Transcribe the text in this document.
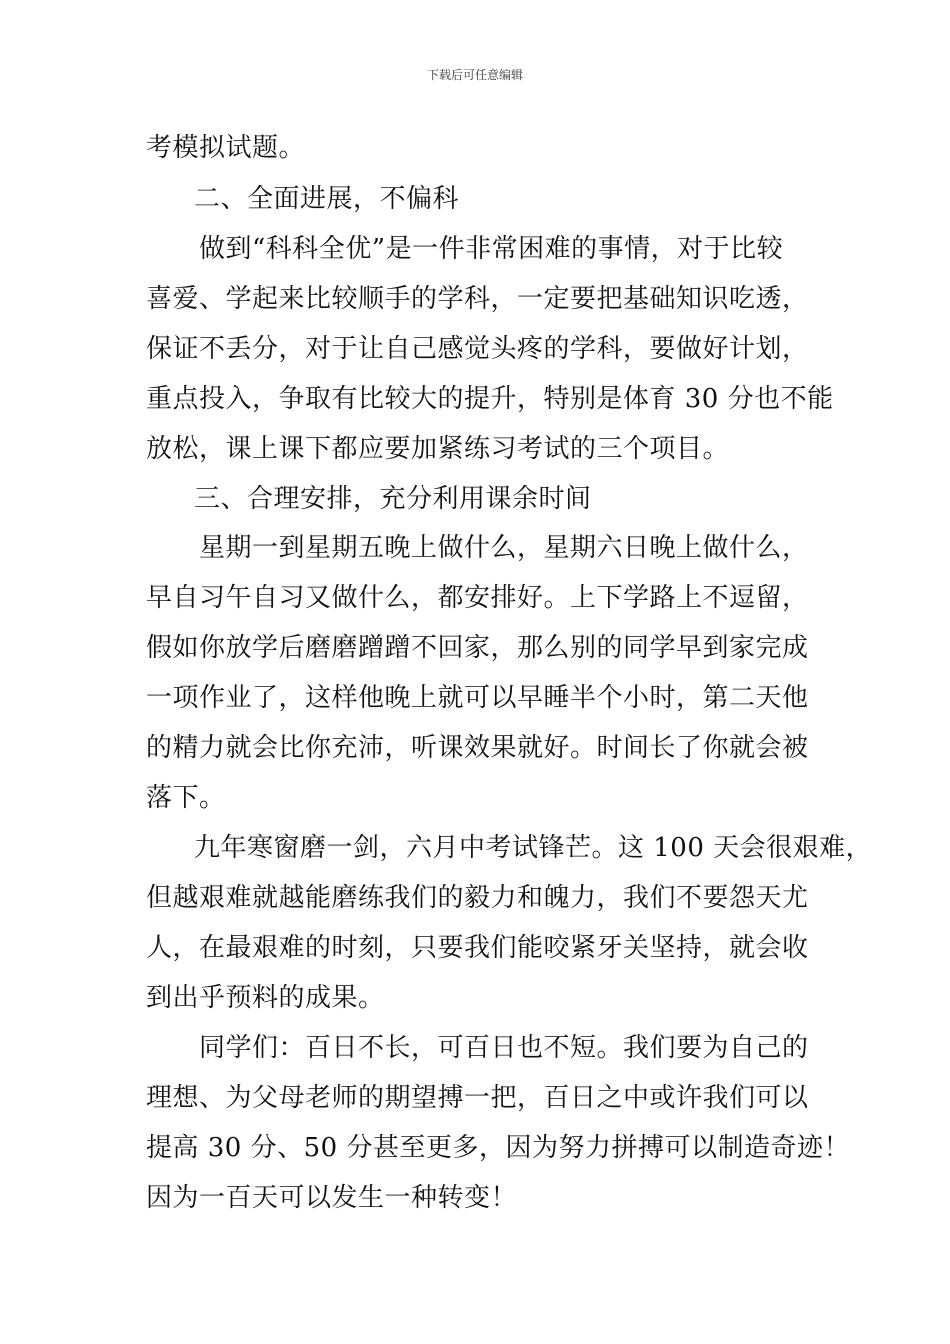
下载后可任意编辑
考模拟试题。
二、全面进展，不偏科
做到“科科全优”是一件非常困难的事情，对于比较
喜爱、学起来比较顺手的学科，一定要把基础知识吃透，
保证不丢分，对于让自己感觉头疼的学科，要做好计划，
重点投入，争取有比较大的提升，特别是体育 30 分也不能
放松，课上课下都应要加紧练习考试的三个项目。
三、合理安排，充分利用课余时间
星期一到星期五晚上做什么，星期六日晚上做什么，
早自习午自习又做什么，都安排好。上下学路上不逗留，
假如你放学后磨磨蹭蹭不回家，那么别的同学早到家完成
一项作业了，这样他晚上就可以早睡半个小时，第二天他
的精力就会比你充沛，听课效果就好。时间长了你就会被
落下。
九年寒窗磨一剑，六月中考试锋芒。这 100 天会很艰难，
但越艰难就越能磨练我们的毅力和魄力，我们不要怨天尤
人，在最艰难的时刻，只要我们能咬紧牙关坚持，就会收
到出乎预料的成果。
同学们：百日不长，可百日也不短。我们要为自己的
理想、为父母老师的期望搏一把，百日之中或许我们可以
提高 30 分、50 分甚至更多，因为努力拼搏可以制造奇迹！
因为一百天可以发生一种转变！
